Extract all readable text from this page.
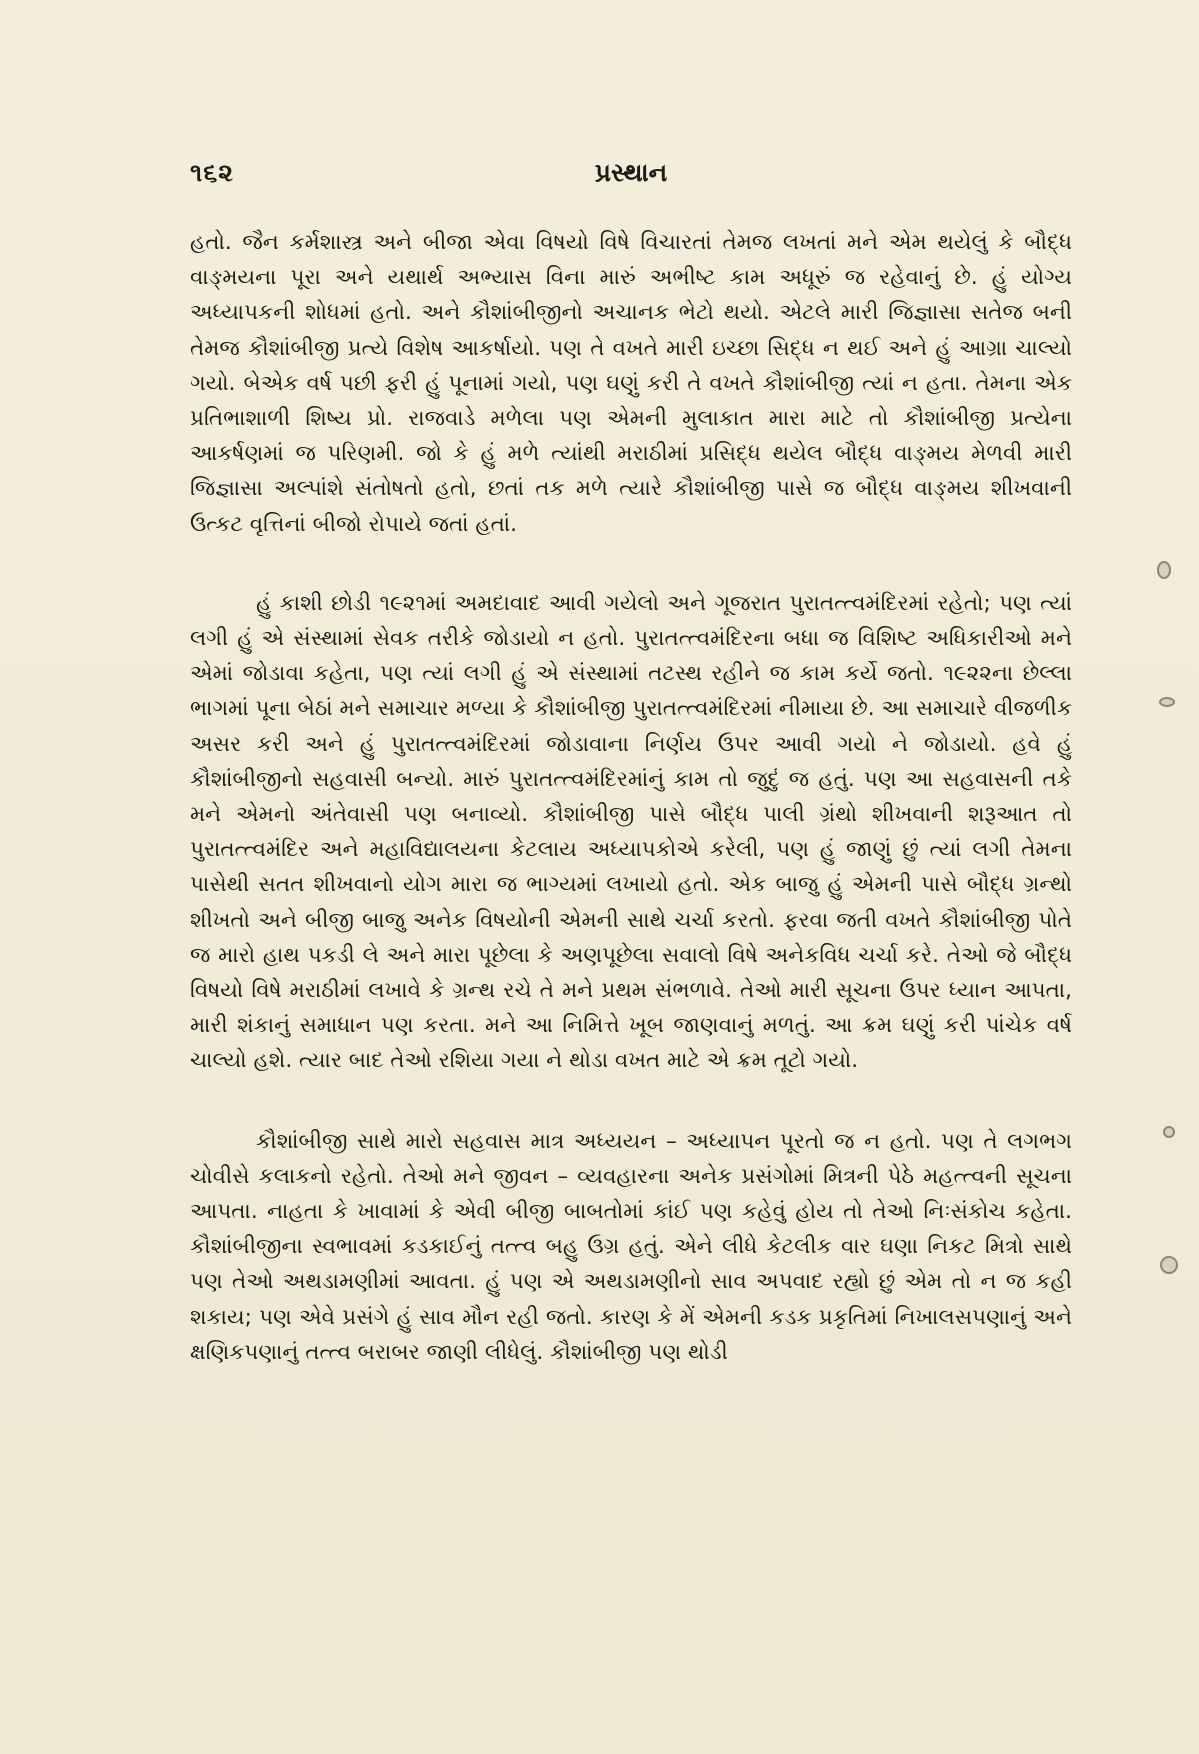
૧૬૨	પ્રસ્થાન

હતો. જૈન કર્મશાસ્ત્ર અને બીજા એવા વિષયો વિષે વિચારતાં તેમજ લખતાં મને એમ થયેલું કે બૌદ્ધ વાઙ્મયના પૂરા અને યથાર્થ અભ્યાસ વિના મારું અભીષ્ટ કામ અધૂરું જ રહેવાનું છે. હું યોગ્ય અધ્યાપકની શોધમાં હતો. અને કૌશાંબીજીનો અચાનક ભેટો થયો. એટલે મારી જિજ્ઞાસા સતેજ બની તેમજ કૌશાંબીજી પ્રત્યે વિશેષ આકર્ષાયો. પણ તે વખતે મારી ઇચ્છા સિદ્ધ ન થઈ અને હું આગ્રા ચાલ્યો ગયો. બેએક વર્ષ પછી ફરી હું પૂનામાં ગયો, પણ ઘણું કરી તે વખતે કૌશાંબીજી ત્યાં ન હતા. તેમના એક પ્રતિભાશાળી શિષ્ય પ્રો. રાજવાડે મળેલા પણ એમની મુલાકાત મારા માટે તો કૌશાંબીજી પ્રત્યેના આકર્ષણમાં જ પરિણમી. જો કે હું મળે ત્યાંથી મરાઠીમાં પ્રસિદ્ધ થયેલ બૌદ્ધ વાઙ્મય મેળવી મારી જિજ્ઞાસા અલ્પાંશે સંતોષતો હતો, છતાં તક મળે ત્યારે કૌશાંબીજી પાસે જ બૌદ્ધ વાઙ્મય શીખવાની ઉત્કટ વૃત્તિનાં બીજો રોપાયે જતાં હતાં.

હું કાશી છોડી ૧૯૨૧માં અમદાવાદ આવી ગયેલો અને ગૂજરાત પુરાતત્ત્વમંદિરમાં રહેતો; પણ ત્યાં લગી હું એ સંસ્થામાં સેવક તરીકે જોડાયો ન હતો. પુરાતત્ત્વમંદિરના બધા જ વિશિષ્ટ અધિકારીઓ મને એમાં જોડાવા કહેતા, પણ ત્યાં લગી હું એ સંસ્થામાં તટસ્થ રહીને જ કામ કર્યે જતો. ૧૯૨૨ના છેલ્લા ભાગમાં પૂના બેઠાં મને સમાચાર મળ્યા કે કૌશાંબીજી પુરાતત્ત્વમંદિરમાં નીમાયા છે. આ સમાચારે વીજળીક અસર કરી અને હું પુરાતત્ત્વમંદિરમાં જોડાવાના નિર્ણય ઉપર આવી ગયો ને જોડાયો. હવે હું કૌશાંબીજીનો સહવાસી બન્યો. મારું પુરાતત્ત્વમંદિરમાંનું કામ તો જુદું જ હતું. પણ આ સહવાસની તકે મને એમનો અંતેવાસી પણ બનાવ્યો. કૌશાંબીજી પાસે બૌદ્ધ પાલી ગ્રંથો શીખવાની શરૂઆત તો પુરાતત્ત્વમંદિર અને મહાવિદ્યાલયના કેટલાય અધ્યાપકોએ કરેલી, પણ હું જાણું છું ત્યાં લગી તેમના પાસેથી સતત શીખવાનો યોગ મારા જ ભાગ્યમાં લખાયો હતો. એક બાજુ હું એમની પાસે બૌદ્ધ ગ્રન્થો શીખતો અને બીજી બાજુ અનેક વિષયોની એમની સાથે ચર્ચા કરતો. ફરવા જતી વખતે કૌશાંબીજી પોતે જ મારો હાથ પકડી લે અને મારા પૂછેલા કે અણપૂછેલા સવાલો વિષે અનેકવિધ ચર્ચા કરે. તેઓ જે બૌદ્ધ વિષયો વિષે મરાઠીમાં લખાવે કે ગ્રન્થ રચે તે મને પ્રથમ સંભળાવે. તેઓ મારી સૂચના ઉપર ધ્યાન આપતા, મારી શંકાનું સમાધાન પણ કરતા. મને આ નિમિત્તે ખૂબ જાણવાનું મળતું. આ ક્રમ ઘણું કરી પાંચેક વર્ષ ચાલ્યો હશે. ત્યાર બાદ તેઓ રશિયા ગયા ને થોડા વખત માટે એ ક્રમ તૂટો ગયો.

કૌશાંબીજી સાથે મારો સહવાસ માત્ર અધ્યયન – અધ્યાપન પૂરતો જ ન હતો. પણ તે લગભગ ચોવીસે કલાકનો રહેતો. તેઓ મને જીવન – વ્યવહારના અનેક પ્રસંગોમાં મિત્રની પેઠે મહત્ત્વની સૂચના આપતા. નાહતા કે ખાવામાં કે એવી બીજી બાબતોમાં કાંઈ પણ કહેવું હોય તો તેઓ નિઃસંકોચ કહેતા. કૌશાંબીજીના સ્વભાવમાં કડકાઈનું તત્ત્વ બહુ ઉગ્ર હતું. એને લીધે કેટલીક વાર ઘણા નિકટ મિત્રો સાથે પણ તેઓ અથડામણીમાં આવતા. હું પણ એ અથડામણીનો સાવ અપવાદ રહ્યો છું એમ તો ન જ કહી શકાય; પણ એવે પ્રસંગે હું સાવ મૌન રહી જતો. કારણ કે મેં એમની કડક પ્રકૃતિમાં નિખાલસપણાનું અને ક્ષણિકપણાનું તત્ત્વ બરાબર જાણી લીધેલું. કૌશાંબીજી પણ થોડી
